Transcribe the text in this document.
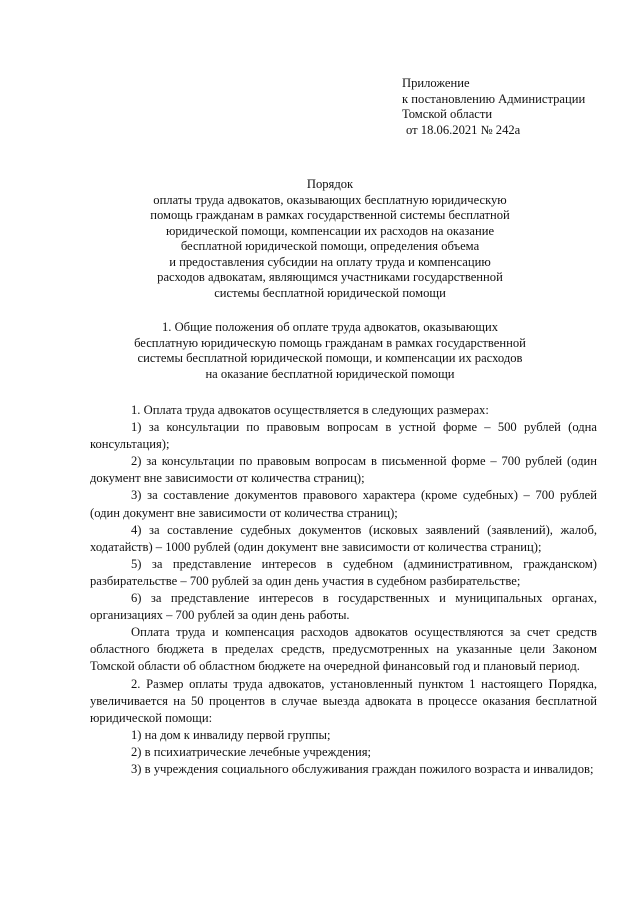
Приложение
к постановлению Администрации
Томской области
от 18.06.2021 № 242а
Порядок
оплаты труда адвокатов, оказывающих бесплатную юридическую
помощь гражданам в рамках государственной системы бесплатной
юридической помощи, компенсации их расходов на оказание
бесплатной юридической помощи, определения объема
и предоставления субсидии на оплату труда и компенсацию
расходов адвокатам, являющимся участниками государственной
системы бесплатной юридической помощи
1. Общие положения об оплате труда адвокатов, оказывающих
бесплатную юридическую помощь гражданам в рамках государственной
системы бесплатной юридической помощи, и компенсации их расходов
на оказание бесплатной юридической помощи

1. Оплата труда адвокатов осуществляется в следующих размерах:

1) за консультации по правовым вопросам в устной форме – 500 рублей (одна консультация);

2) за консультации по правовым вопросам в письменной форме – 700 рублей (один документ вне зависимости от количества страниц);

3) за составление документов правового характера (кроме судебных) – 700 рублей (один документ вне зависимости от количества страниц);

4) за составление судебных документов (исковых заявлений (заявлений), жалоб, ходатайств) – 1000 рублей (один документ вне зависимости от количества страниц);

5) за представление интересов в судебном (административном, гражданском) разбирательстве – 700 рублей за один день участия в судебном разбирательстве;

6) за представление интересов в государственных и муниципальных органах, организациях – 700 рублей за один день работы.

Оплата труда и компенсация расходов адвокатов осуществляются за счет средств областного бюджета в пределах средств, предусмотренных на указанные цели Законом Томской области об областном бюджете на очередной финансовый год и плановый период.

2. Размер оплаты труда адвокатов, установленный пунктом 1 настоящего Порядка, увеличивается на 50 процентов в случае выезда адвоката в процессе оказания бесплатной юридической помощи:

1) на дом к инвалиду первой группы;

2) в психиатрические лечебные учреждения;

3) в учреждения социального обслуживания граждан пожилого возраста и инвалидов;
